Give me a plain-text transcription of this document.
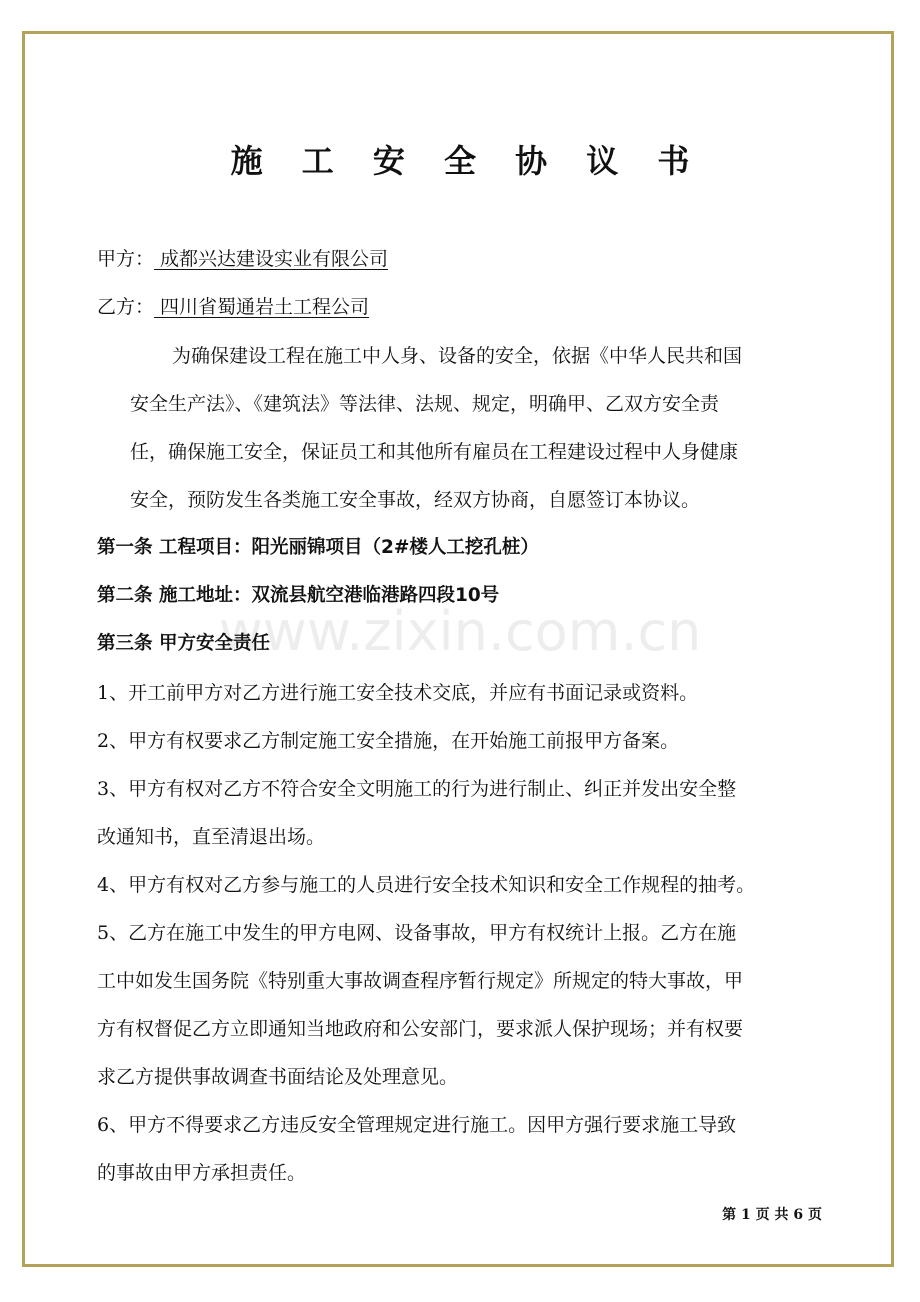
www.zixin.com.cn
施 工 安 全 协 议 书
甲方： 成都兴达建设实业有限公司
乙方： 四川省蜀通岩土工程公司
为确保建设工程在施工中人身、设备的安全，依据《中华人民共和国
安全生产法》、《建筑法》等法律、法规、规定，明确甲、乙双方安全责
任，确保施工安全，保证员工和其他所有雇员在工程建设过程中人身健康
安全，预防发生各类施工安全事故，经双方协商，自愿签订本协议。
第一条 工程项目：阳光丽锦项目（2#楼人工挖孔桩）
第二条 施工地址：双流县航空港临港路四段10号
第三条 甲方安全责任
1、开工前甲方对乙方进行施工安全技术交底，并应有书面记录或资料。
2、甲方有权要求乙方制定施工安全措施，在开始施工前报甲方备案。
3、甲方有权对乙方不符合安全文明施工的行为进行制止、纠正并发出安全整
改通知书，直至清退出场。
4、甲方有权对乙方参与施工的人员进行安全技术知识和安全工作规程的抽考。
5、乙方在施工中发生的甲方电网、设备事故，甲方有权统计上报。乙方在施
工中如发生国务院《特别重大事故调查程序暂行规定》所规定的特大事故，甲
方有权督促乙方立即通知当地政府和公安部门，要求派人保护现场；并有权要
求乙方提供事故调查书面结论及处理意见。
6、甲方不得要求乙方违反安全管理规定进行施工。因甲方强行要求施工导致
的事故由甲方承担责任。
第 1 页 共 6 页
